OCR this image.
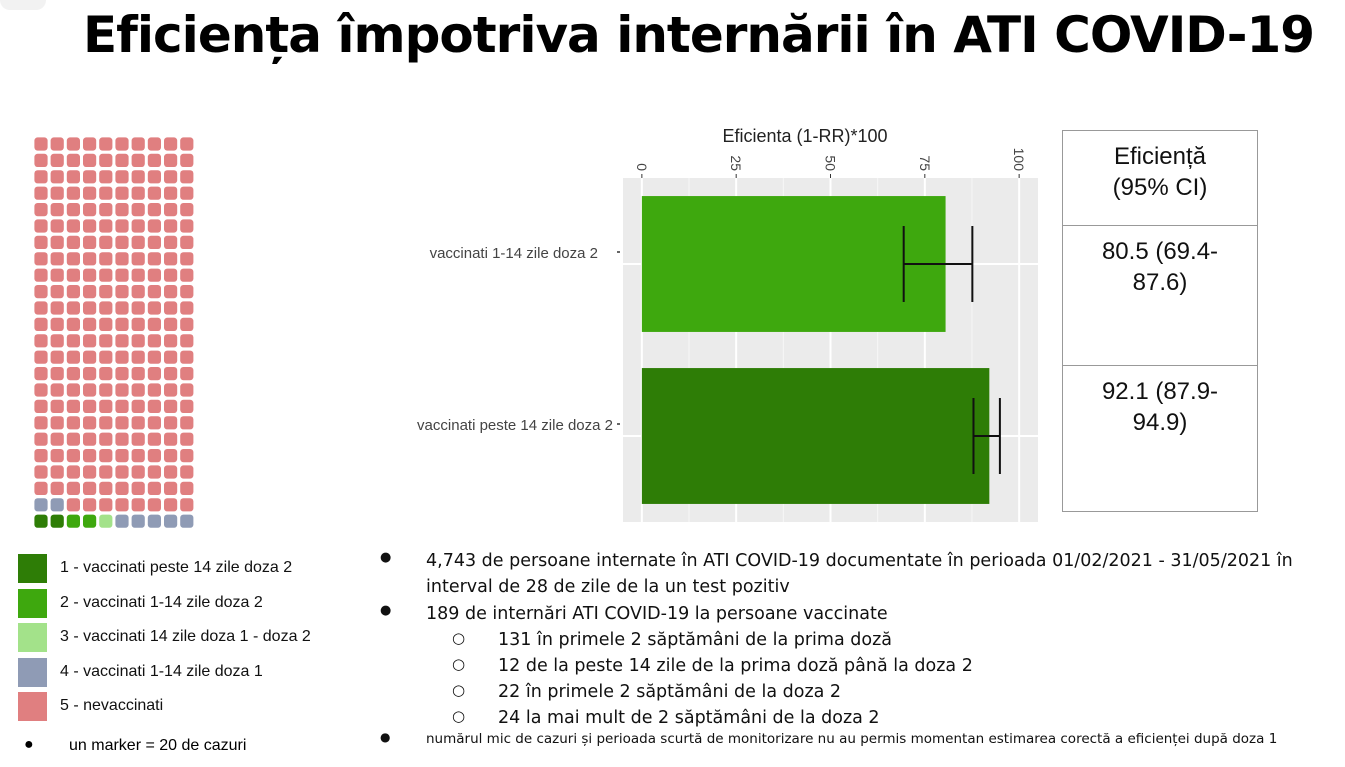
Eficiența împotriva internării în ATI COVID-19
1 - vaccinati peste 14 zile doza 2
2 - vaccinati 1-14 zile doza 2
3 - vaccinati 14 zile doza 1 - doza 2
4 - vaccinati 1-14 zile doza 1
5 - nevaccinati
● un marker = 20 de cazuri
Eficienta (1-RR)*100
0	25	50	75	100
vaccinati 1-14 zile doza 2
vaccinati peste 14 zile doza 2
Eficiență (95% CI)

80.5 (69.4-87.6)

92.1 (87.9-94.9)
● 4,743 de persoane internate în ATI COVID-19 documentate în perioada 01/02/2021 - 31/05/2021 în
interval de 28 de zile de la un test pozitiv
● 189 de internări ATI COVID-19 la persoane vaccinate
○ 131 în primele 2 săptămâni de la prima doză
○ 12 de la peste 14 zile de la prima doză până la doza 2
○ 22 în primele 2 săptămâni de la doza 2
○ 24 la mai mult de 2 săptămâni de la doza 2
●	numărul mic de cazuri și perioada scurtă de monitorizare nu au permis momentan estimarea corectă a eficienței după doza 1
